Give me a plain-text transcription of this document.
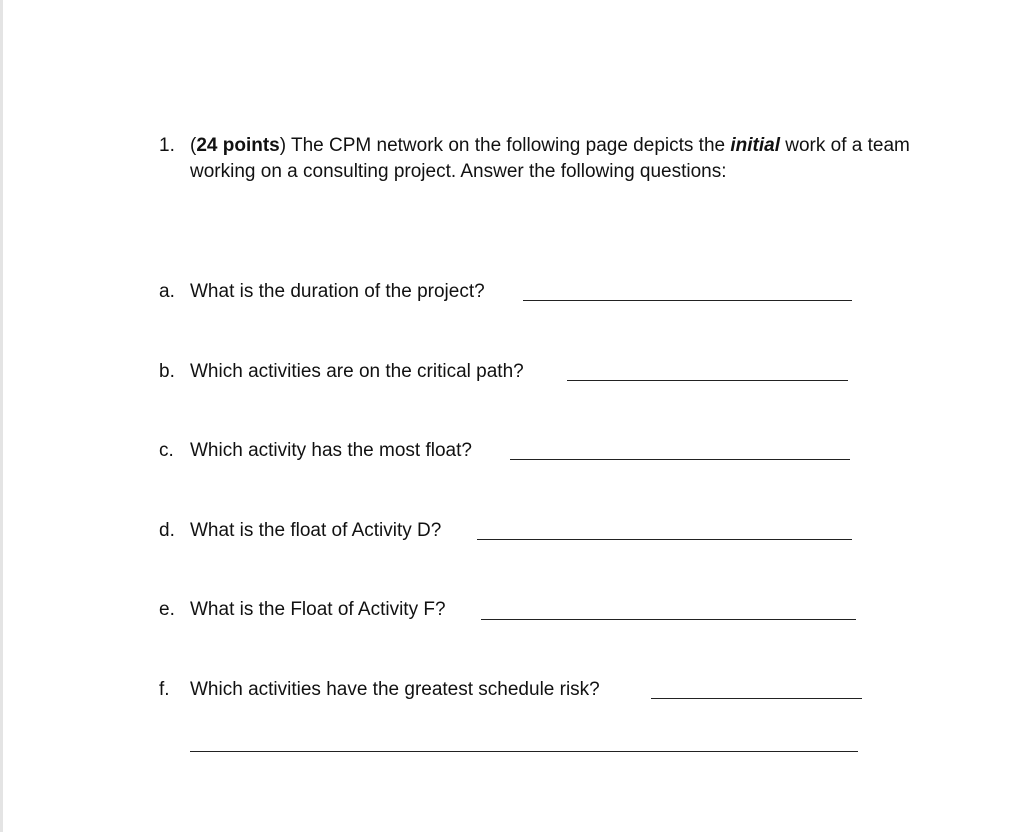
1. (24 points) The CPM network on the following page depicts the initial work of a team working on a consulting project. Answer the following questions:
a. What is the duration of the project?
b. Which activities are on the critical path?
c. Which activity has the most float?
d. What is the float of Activity D?
e. What is the Float of Activity F?
f. Which activities have the greatest schedule risk?
